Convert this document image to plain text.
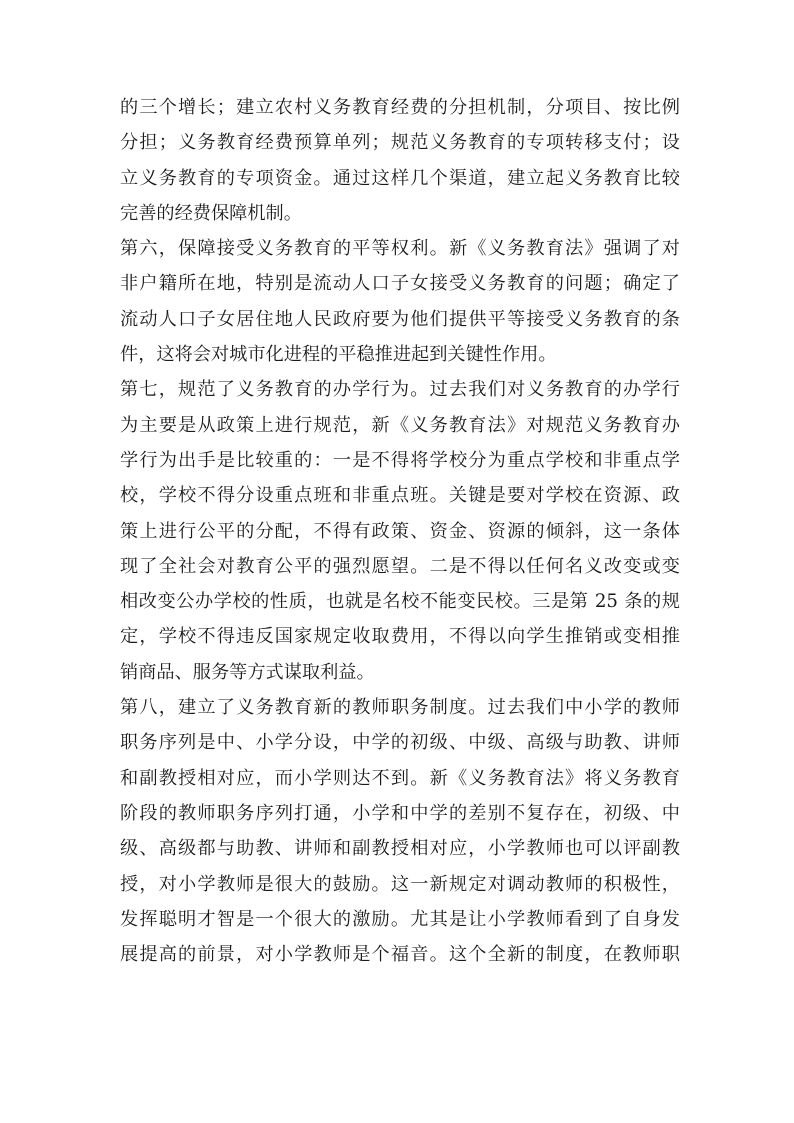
的三个增长；建立农村义务教育经费的分担机制，分项目、按比例
分担；义务教育经费预算单列；规范义务教育的专项转移支付；设
立义务教育的专项资金。通过这样几个渠道，建立起义务教育比较
完善的经费保障机制。
第六，保障接受义务教育的平等权利。新《义务教育法》强调了对
非户籍所在地，特别是流动人口子女接受义务教育的问题；确定了
流动人口子女居住地人民政府要为他们提供平等接受义务教育的条
件，这将会对城市化进程的平稳推进起到关键性作用。
第七，规范了义务教育的办学行为。过去我们对义务教育的办学行
为主要是从政策上进行规范，新《义务教育法》对规范义务教育办
学行为出手是比较重的：一是不得将学校分为重点学校和非重点学
校，学校不得分设重点班和非重点班。关键是要对学校在资源、政
策上进行公平的分配，不得有政策、资金、资源的倾斜，这一条体
现了全社会对教育公平的强烈愿望。二是不得以任何名义改变或变
相改变公办学校的性质，也就是名校不能变民校。三是第 25 条的规
定，学校不得违反国家规定收取费用，不得以向学生推销或变相推
销商品、服务等方式谋取利益。
第八，建立了义务教育新的教师职务制度。过去我们中小学的教师
职务序列是中、小学分设，中学的初级、中级、高级与助教、讲师
和副教授相对应，而小学则达不到。新《义务教育法》将义务教育
阶段的教师职务序列打通，小学和中学的差别不复存在，初级、中
级、高级都与助教、讲师和副教授相对应，小学教师也可以评副教
授，对小学教师是很大的鼓励。这一新规定对调动教师的积极性，
发挥聪明才智是一个很大的激励。尤其是让小学教师看到了自身发
展提高的前景，对小学教师是个福音。这个全新的制度，在教师职
